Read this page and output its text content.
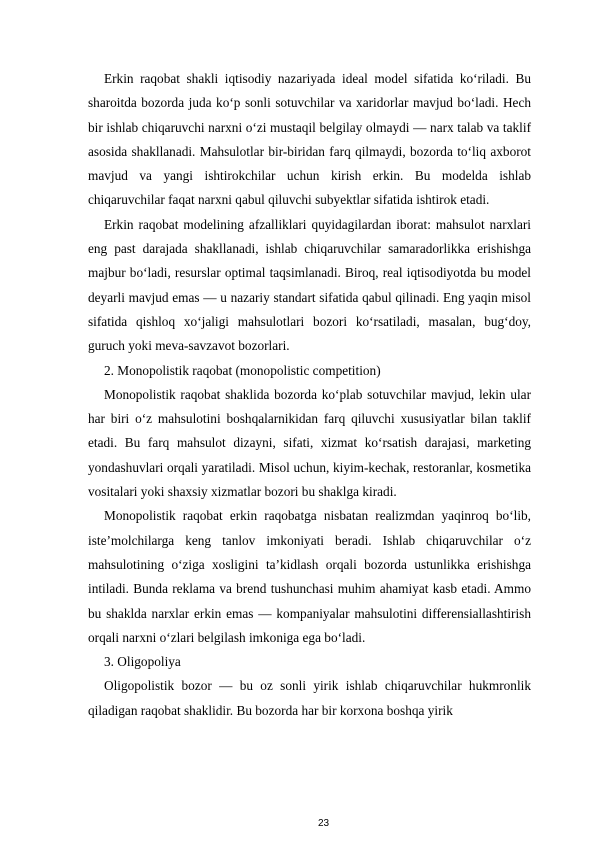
Erkin raqobat shakli iqtisodiy nazariyada ideal model sifatida ko‘riladi. Bu sharoitda bozorda juda ko‘p sonli sotuvchilar va xaridorlar mavjud bo‘ladi. Hech bir ishlab chiqaruvchi narxni o‘zi mustaqil belgilay olmaydi — narx talab va taklif asosida shakllanadi. Mahsulotlar bir-biridan farq qilmaydi, bozorda to‘liq axborot mavjud va yangi ishtirokchilar uchun kirish erkin. Bu modelda ishlab chiqaruvchilar faqat narxni qabul qiluvchi subyektlar sifatida ishtirok etadi.

Erkin raqobat modelining afzalliklari quyidagilardan iborat: mahsulot narxlari eng past darajada shakllanadi, ishlab chiqaruvchilar samaradorlikka erishishga majbur bo‘ladi, resurslar optimal taqsimlanadi. Biroq, real iqtisodiyotda bu model deyarli mavjud emas — u nazariy standart sifatida qabul qilinadi. Eng yaqin misol sifatida qishloq xo‘jaligi mahsulotlari bozori ko‘rsatiladi, masalan, bug‘doy, guruch yoki meva-savzavot bozorlari.

2. Monopolistik raqobat (monopolistic competition)

Monopolistik raqobat shaklida bozorda ko‘plab sotuvchilar mavjud, lekin ular har biri o‘z mahsulotini boshqalarnikidan farq qiluvchi xususiyatlar bilan taklif etadi. Bu farq mahsulot dizayni, sifati, xizmat ko‘rsatish darajasi, marketing yondashuvlari orqali yaratiladi. Misol uchun, kiyim-kechak, restoranlar, kosmetika vositalari yoki shaxsiy xizmatlar bozori bu shaklga kiradi.

Monopolistik raqobat erkin raqobatga nisbatan realizmdan yaqinroq bo‘lib, iste’molchilarga keng tanlov imkoniyati beradi. Ishlab chiqaruvchilar o‘z mahsulotining o‘ziga xosligini ta’kidlash orqali bozorda ustunlikka erishishga intiladi. Bunda reklama va brend tushunchasi muhim ahamiyat kasb etadi. Ammo bu shaklda narxlar erkin emas — kompaniyalar mahsulotini differensiallashtirish orqali narxni o‘zlari belgilash imkoniga ega bo‘ladi.

3. Oligopoliya

Oligopolistik bozor — bu oz sonli yirik ishlab chiqaruvchilar hukmronlik qiladigan raqobat shaklidir. Bu bozorda har bir korxona boshqa yirik

23
